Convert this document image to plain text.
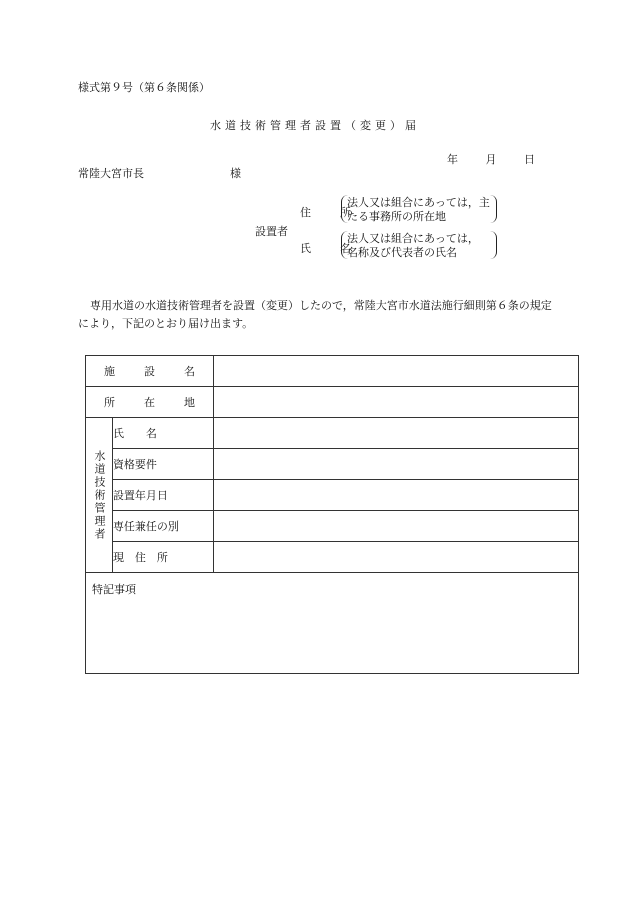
様式第９号（第６条関係）
水道技術管理者設置（変更）届
年	月	日
常陸大宮市長	様
設置者
住　所
法人又は組合にあっては，主
たる事務所の所在地
氏　名
法人又は組合にあっては，
名称及び代表者の氏名
専用水道の水道技術管理者を設置（変更）したので，常陸大宮市水道法施行細則第６条の規定により，下記のとおり届け出ます。
施　設　名		

所　在　地		

水道技術管理者	氏　　名	
	資格要件	
	設置年月日	
	専任兼任の別	
	現　住　所	
特記事項		
